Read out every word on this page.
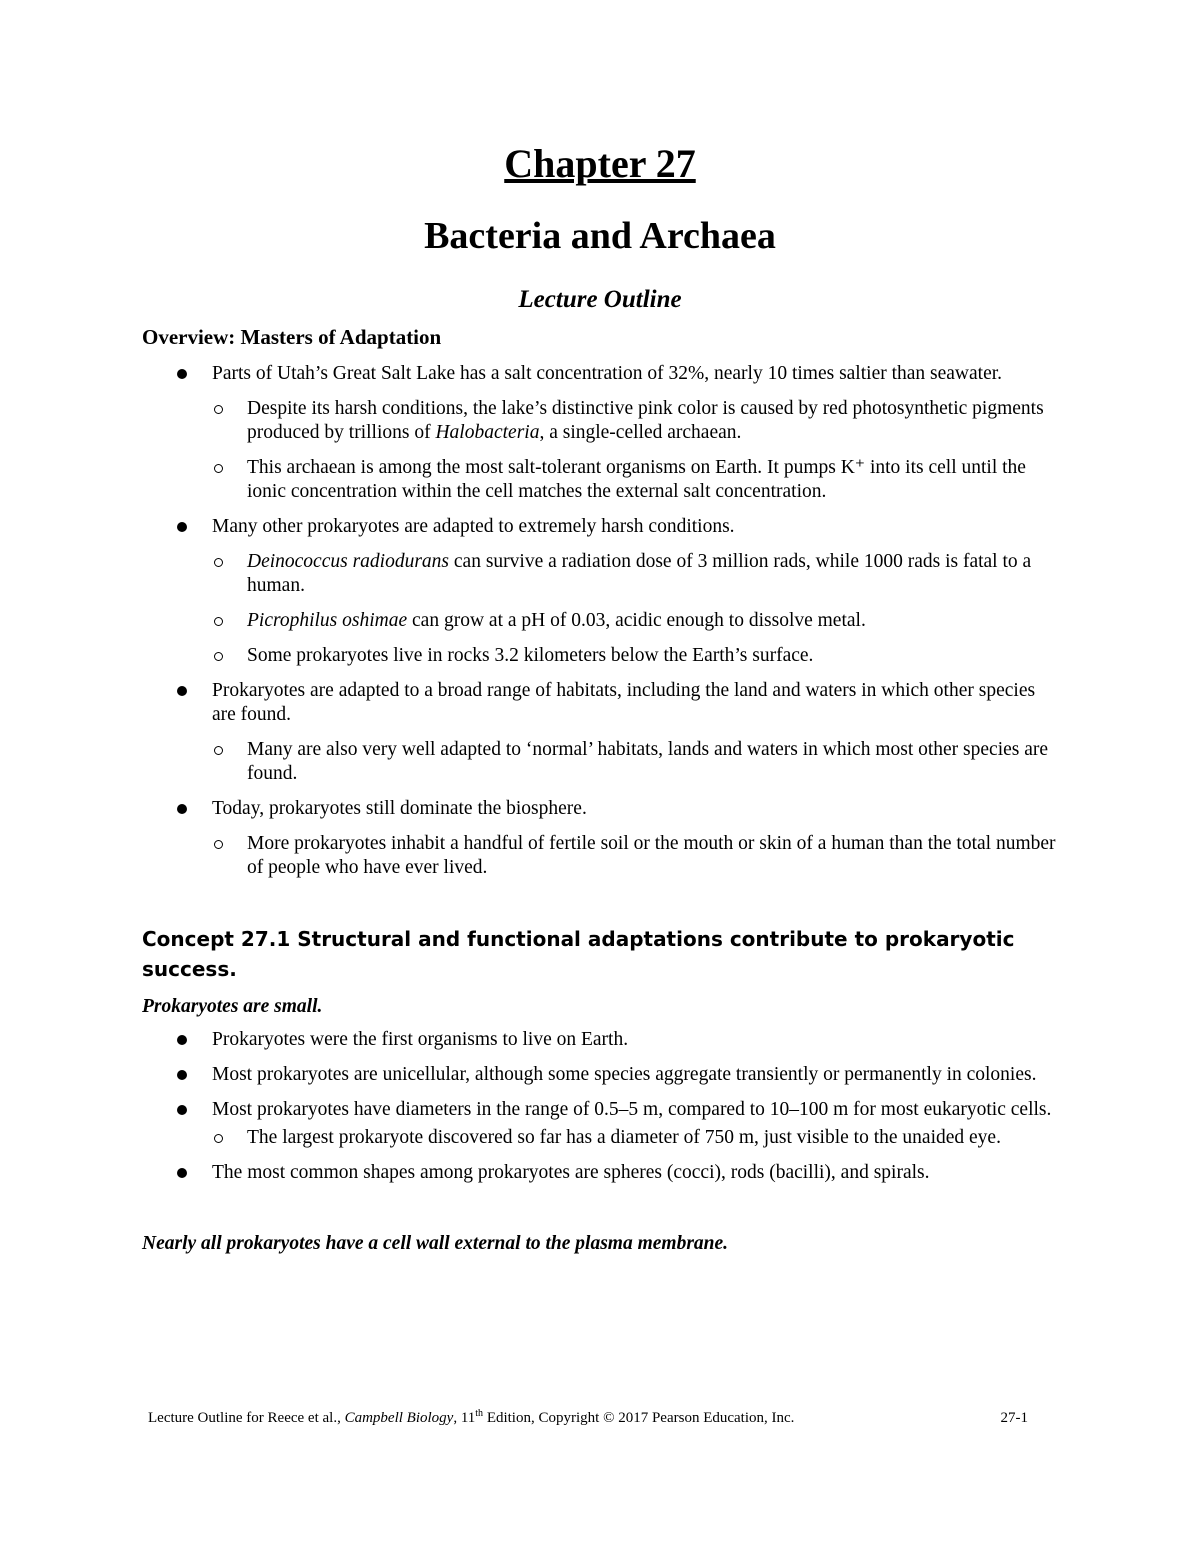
Chapter 27
Bacteria and Archaea
Lecture Outline
Overview: Masters of Adaptation
Parts of Utah’s Great Salt Lake has a salt concentration of 32%, nearly 10 times saltier than seawater.
Despite its harsh conditions, the lake’s distinctive pink color is caused by red photosynthetic pigments produced by trillions of Halobacteria, a single-celled archaean.
This archaean is among the most salt-tolerant organisms on Earth. It pumps K⁺ into its cell until the ionic concentration within the cell matches the external salt concentration.
Many other prokaryotes are adapted to extremely harsh conditions.
Deinococcus radiodurans can survive a radiation dose of 3 million rads, while 1000 rads is fatal to a human.
Picrophilus oshimae can grow at a pH of 0.03, acidic enough to dissolve metal.
Some prokaryotes live in rocks 3.2 kilometers below the Earth’s surface.
Prokaryotes are adapted to a broad range of habitats, including the land and waters in which other species are found.
Many are also very well adapted to ‘normal’ habitats, lands and waters in which most other species are found.
Today, prokaryotes still dominate the biosphere.
More prokaryotes inhabit a handful of fertile soil or the mouth or skin of a human than the total number of people who have ever lived.
Concept 27.1 Structural and functional adaptations contribute to prokaryotic success.
Prokaryotes are small.
Prokaryotes were the first organisms to live on Earth.
Most prokaryotes are unicellular, although some species aggregate transiently or permanently in colonies.
Most prokaryotes have diameters in the range of 0.5–5 m, compared to 10–100 m for most eukaryotic cells.
The largest prokaryote discovered so far has a diameter of 750 m, just visible to the unaided eye.
The most common shapes among prokaryotes are spheres (cocci), rods (bacilli), and spirals.
Nearly all prokaryotes have a cell wall external to the plasma membrane.
Lecture Outline for Reece et al., Campbell Biology, 11th Edition, Copyright © 2017 Pearson Education, Inc.	27-1
